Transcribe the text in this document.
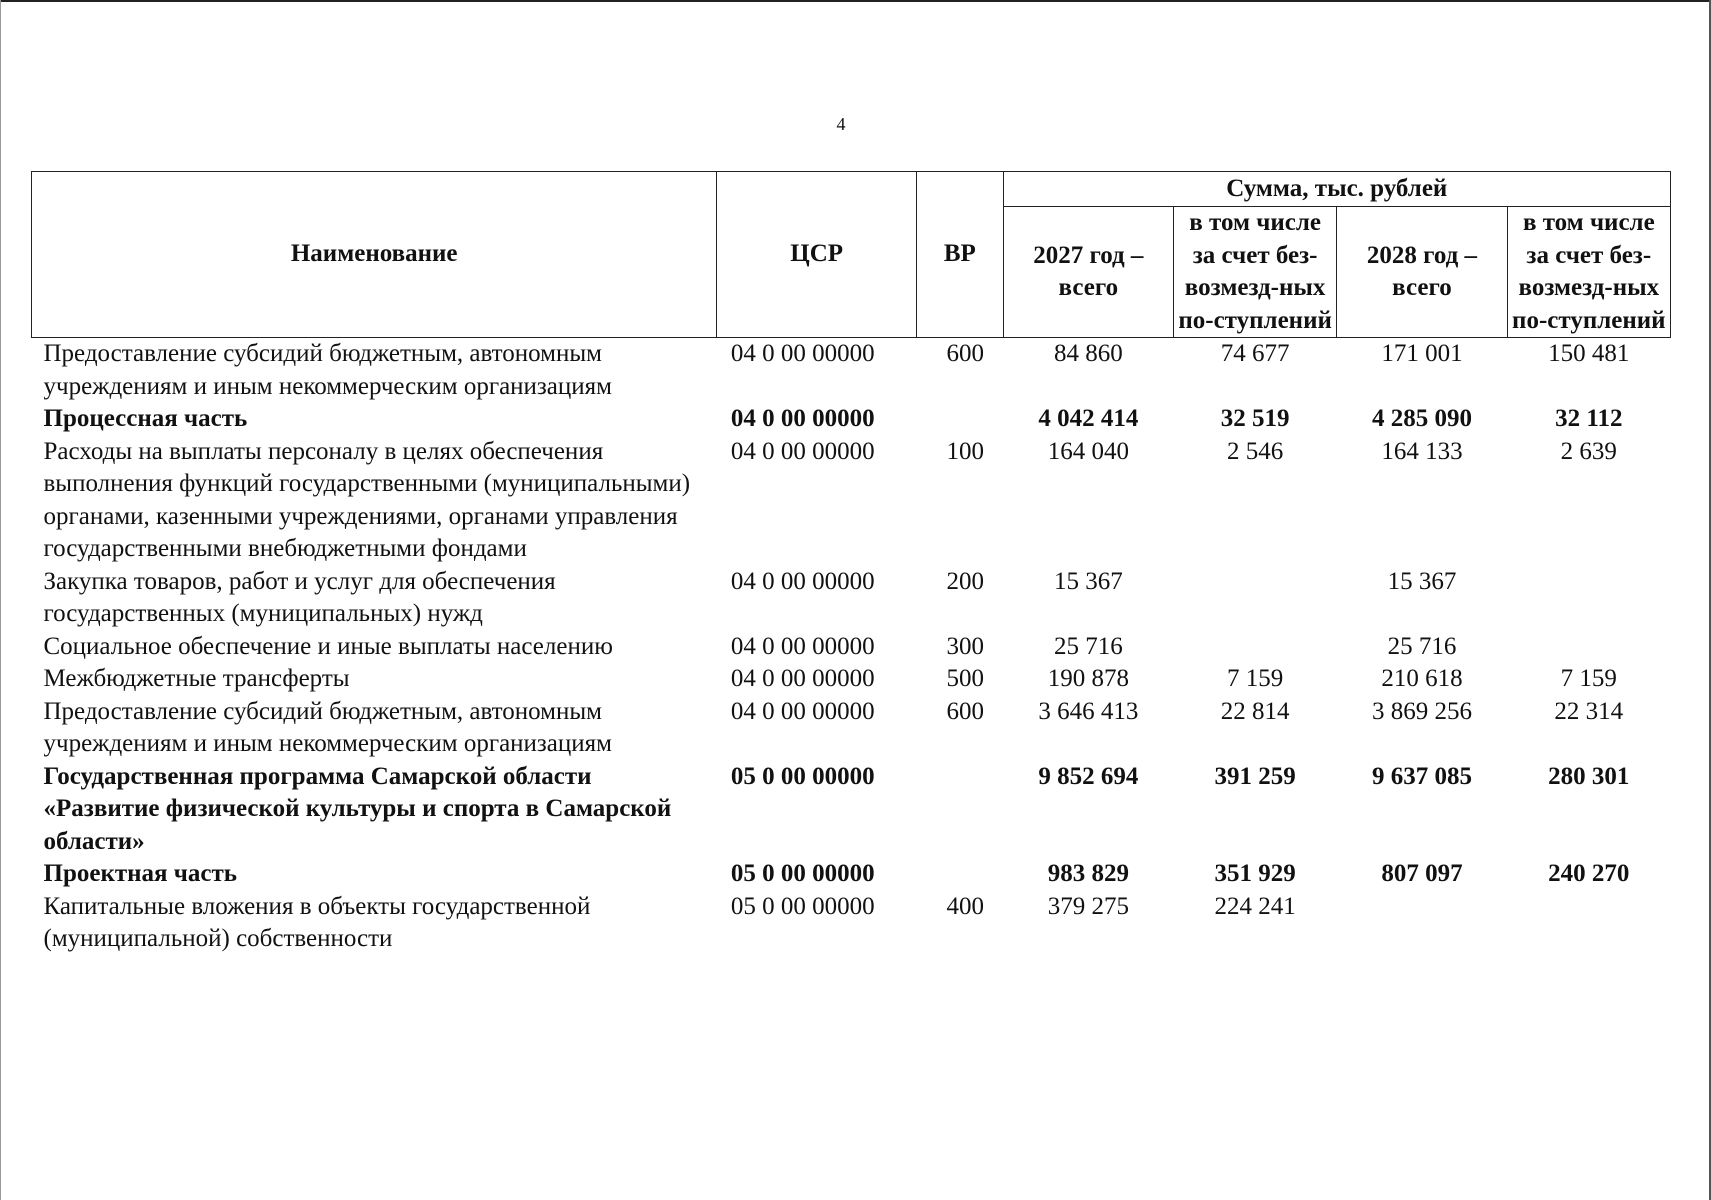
4
Наименование	ЦСР	ВР	Сумма, тыс. рублей			
			2027 год – всего	в том числе за счет без-возмезд-ных по-ступлений	2028 год – всего	в том числе за счет без-возмезд-ных по-ступлений
Предоставление субсидий бюджетным, автономным учреждениям и иным некоммерческим организациям	04 0 00 00000	600	84 860	74 677	171 001	150 481
Процессная часть	04 0 00 00000		4 042 414	32 519	4 285 090	32 112
Расходы на выплаты персоналу в целях обеспечения выполнения функций государственными (муниципальными) органами, казенными учреждениями, органами управления государственными внебюджетными фондами	04 0 00 00000	100	164 040	2 546	164 133	2 639
Закупка товаров, работ и услуг для обеспечения государственных (муниципальных) нужд	04 0 00 00000	200	15 367		15 367	
Социальное обеспечение и иные выплаты населению	04 0 00 00000	300	25 716		25 716	
Межбюджетные трансферты	04 0 00 00000	500	190 878	7 159	210 618	7 159
Предоставление субсидий бюджетным, автономным учреждениям и иным некоммерческим организациям	04 0 00 00000	600	3 646 413	22 814	3 869 256	22 314
Государственная программа Самарской области «Развитие физической культуры и спорта в Самарской области»	05 0 00 00000		9 852 694	391 259	9 637 085	280 301
Проектная часть	05 0 00 00000		983 829	351 929	807 097	240 270
Капитальные вложения в объекты государственной (муниципальной) собственности	05 0 00 00000	400	379 275	224 241		
